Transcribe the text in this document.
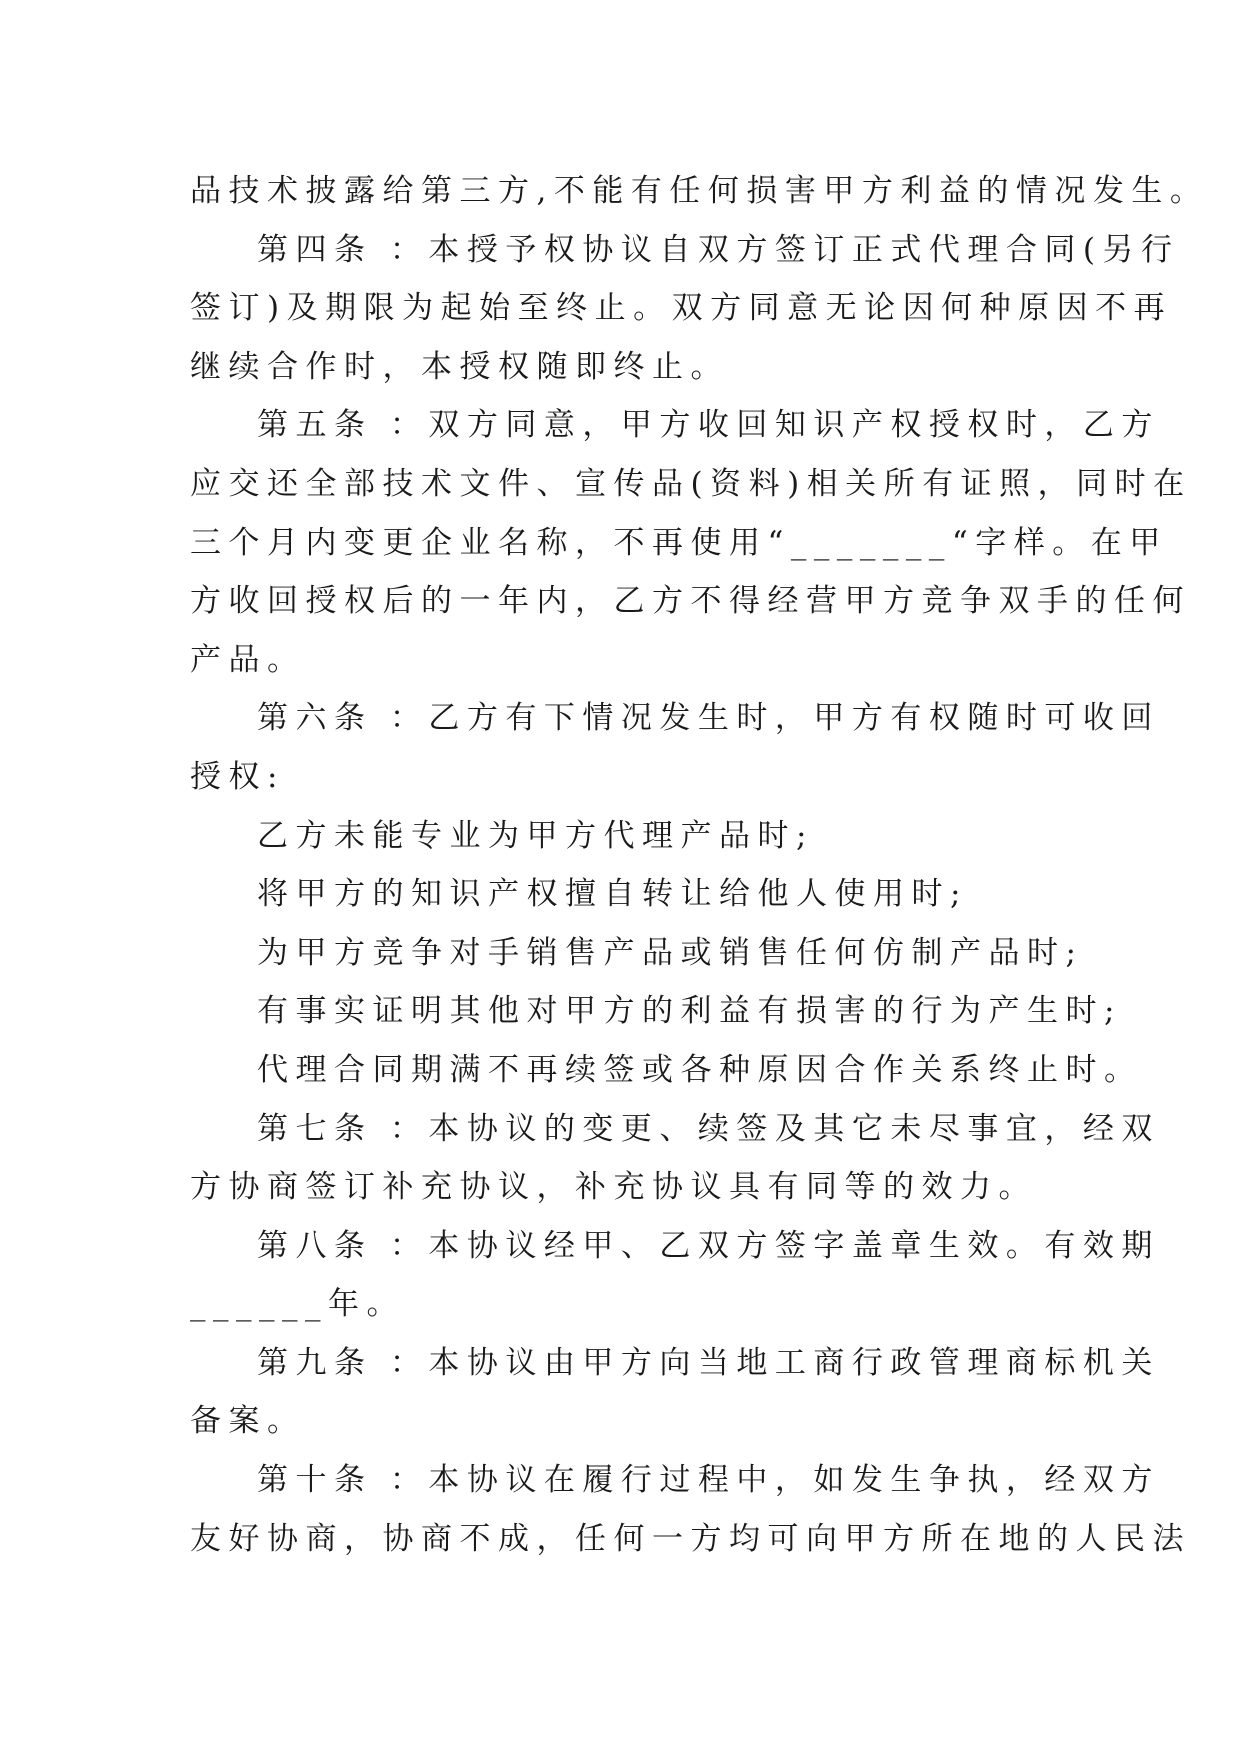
品技术披露给第三方,不能有任何损害甲方利益的情况发生。
第四条 ：本授予权协议自双方签订正式代理合同(另行
签订)及期限为起始至终止。双方同意无论因何种原因不再
继续合作时，本授权随即终止。
第五条 ：双方同意，甲方收回知识产权授权时，乙方
应交还全部技术文件、宣传品(资料)相关所有证照，同时在
三个月内变更企业名称，不再使用“_______“字样。在甲
方收回授权后的一年内，乙方不得经营甲方竞争双手的任何
产品。
第六条 ：乙方有下情况发生时，甲方有权随时可收回
授权:
乙方未能专业为甲方代理产品时;
将甲方的知识产权擅自转让给他人使用时;
为甲方竞争对手销售产品或销售任何仿制产品时;
有事实证明其他对甲方的利益有损害的行为产生时;
代理合同期满不再续签或各种原因合作关系终止时。
第七条 ：本协议的变更、续签及其它未尽事宜，经双
方协商签订补充协议，补充协议具有同等的效力。
第八条 ：本协议经甲、乙双方签字盖章生效。有效期
______年。
第九条 ：本协议由甲方向当地工商行政管理商标机关
备案。
第十条 ：本协议在履行过程中，如发生争执，经双方
友好协商，协商不成，任何一方均可向甲方所在地的人民法
